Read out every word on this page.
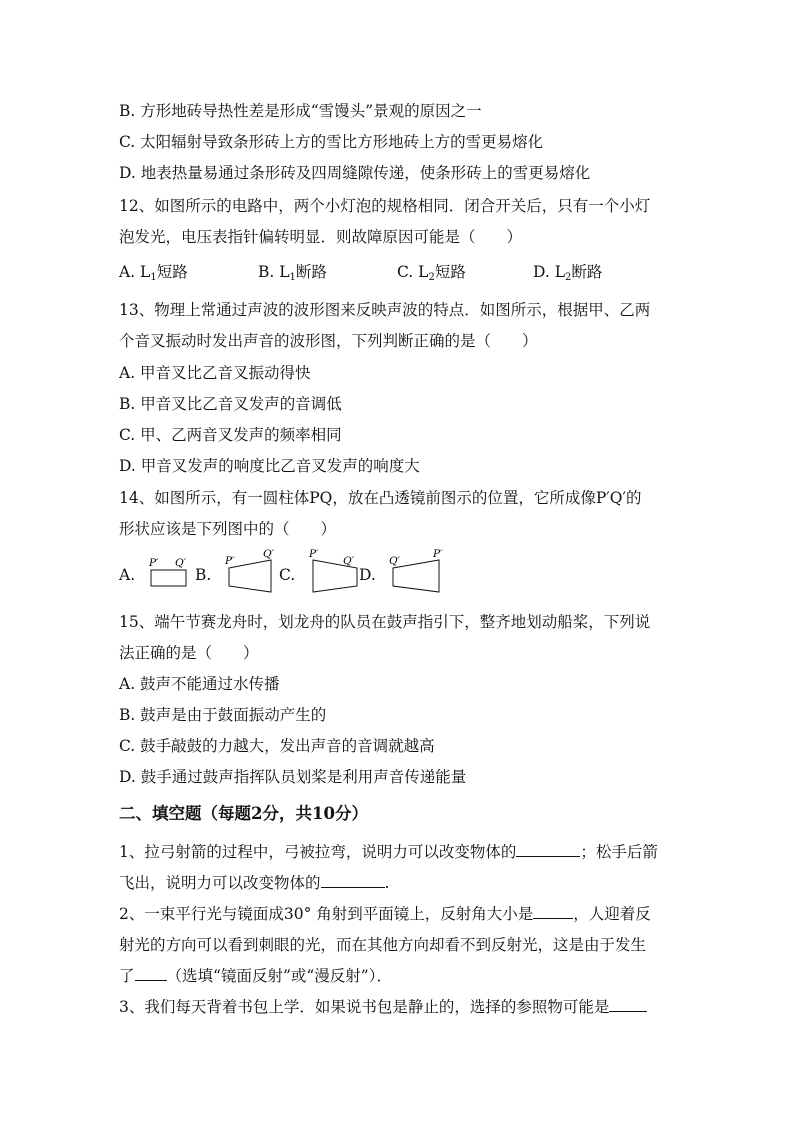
B. 方形地砖导热性差是形成“雪馒头”景观的原因之一
C. 太阳辐射导致条形砖上方的雪比方形地砖上方的雪更易熔化
D. 地表热量易通过条形砖及四周缝隙传递，使条形砖上的雪更易熔化
12、如图所示的电路中，两个小灯泡的规格相同．闭合开关后，只有一个小灯
泡发光，电压表指针偏转明显．则故障原因可能是（　　）
A. L1短路	B. L1断路	C. L2短路	D. L2断路
13、物理上常通过声波的波形图来反映声波的特点．如图所示，根据甲、乙两
个音叉振动时发出声音的波形图，下列判断正确的是（　　）
A. 甲音叉比乙音叉振动得快
B. 甲音叉比乙音叉发声的音调低
C. 甲、乙两音叉发声的频率相同
D. 甲音叉发声的响度比乙音叉发声的响度大
14、如图所示，有一圆柱体PQ，放在凸透镜前图示的位置，它所成像P′Q′的
形状应该是下列图中的（　　）
A.
P′ Q′
B.
P′
Q′
C.
P′
Q′
D.
Q′
P′
15、端午节赛龙舟时，划龙舟的队员在鼓声指引下，整齐地划动船桨，下列说
法正确的是（　　）
A. 鼓声不能通过水传播
B. 鼓声是由于鼓面振动产生的
C. 鼓手敲鼓的力越大，发出声音的音调就越高
D. 鼓手通过鼓声指挥队员划桨是利用声音传递能量
二、填空题（每题2分，共10分）
1、拉弓射箭的过程中，弓被拉弯，说明力可以改变物体的	；松手后箭
飞出，说明力可以改变物体的	.
2、一束平行光与镜面成30° 角射到平面镜上，反射角大小是	，人迎着反
射光的方向可以看到刺眼的光，而在其他方向却看不到反射光，这是由于发生
了 （选填“镜面反射”或“漫反射”）．
3、我们每天背着书包上学．如果说书包是静止的，选择的参照物可能是
